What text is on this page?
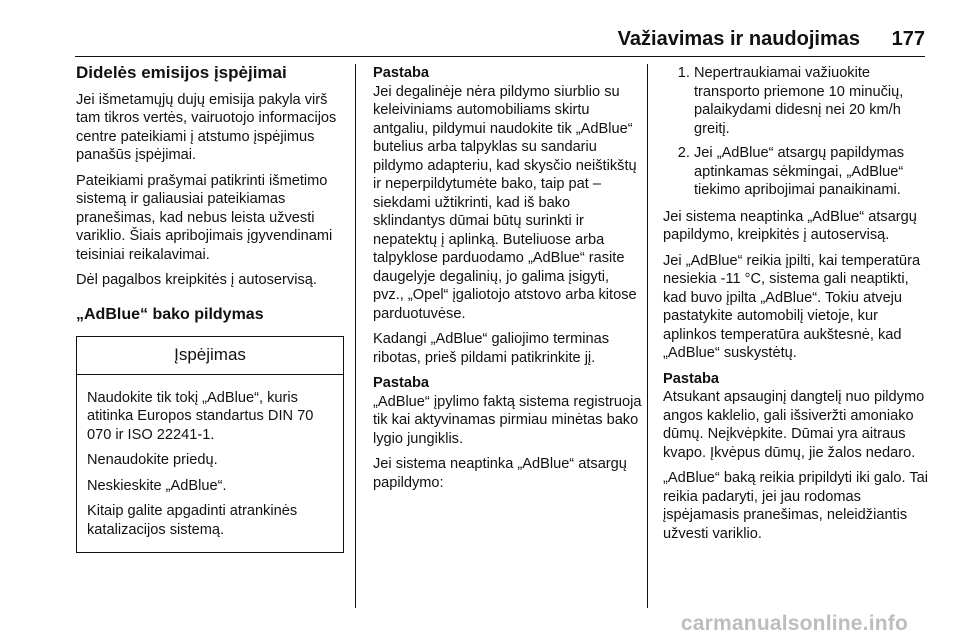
Važiavimas ir naudojimas 177
Didelės emisijos įspėjimai

Jei išmetamųjų dujų emisija pakyla virš tam tikros vertės, vairuotojo informacijos centre pateikiami į atstumo įspėjimus panašūs įspėjimai.

Pateikiami prašymai patikrinti išmetimo sistemą ir galiausiai pateikiamas pranešimas, kad nebus leista užvesti variklio. Šiais apribojimais įgyvendinami teisiniai reikalavimai.

Dėl pagalbos kreipkitės į autoservisą.

„AdBlue“ bako pildymas
Įspėjimas

Naudokite tik tokį „AdBlue“, kuris atitinka Europos standartus DIN 70 070 ir ISO 22241-1.

Nenaudokite priedų.

Neskieskite „AdBlue“.

Kitaip galite apgadinti atrankinės katalizacijos sistemą.

Pastaba
Jei degalinėje nėra pildymo siurblio su keleiviniams automobiliams skirtu antgaliu, pildymui naudokite tik „AdBlue“ butelius arba talpyklas su sandariu pildymo adapteriu, kad skysčio neištikštų ir neperpildytumėte bako, taip pat – siekdami užtikrinti, kad iš bako sklindantys dūmai būtų surinkti ir nepatektų į aplinką. Buteliuose arba talpyklose parduodamo „AdBlue“ rasite daugelyje degalinių, jo galima įsigyti, pvz., „Opel“ įgaliotojo atstovo arba kitose parduotuvėse.

Kadangi „AdBlue“ galiojimo terminas ribotas, prieš pildami patikrinkite jį.

Pastaba
„AdBlue“ įpylimo faktą sistema registruoja tik kai aktyvinamas pirmiau minėtas bako lygio jungiklis.

Jei sistema neaptinka „AdBlue“ atsargų papildymo:

1. Nepertraukiamai važiuokite transporto priemone 10 minučių, palaikydami didesnį nei 20 km/h greitį.
2. Jei „AdBlue“ atsargų papildymas aptinkamas sėkmingai, „AdBlue“ tiekimo apribojimai panaikinami.

Jei sistema neaptinka „AdBlue“ atsargų papildymo, kreipkitės į autoservisą.

Jei „AdBlue“ reikia įpilti, kai temperatūra nesiekia -11 °C, sistema gali neaptikti, kad buvo įpilta „AdBlue“. Tokiu atveju pastatykite automobilį vietoje, kur aplinkos temperatūra aukštesnė, kad „AdBlue“ suskystėtų.

Pastaba
Atsukant apsauginį dangtelį nuo pildymo angos kaklelio, gali išsiveržti amoniako dūmų. Neįkvėpkite. Dūmai yra aitraus kvapo. Įkvėpus dūmų, jie žalos nedaro.

„AdBlue“ baką reikia pripildyti iki galo. Tai reikia padaryti, jei jau rodomas įspėjamasis pranešimas, neleidžiantis užvesti variklio.

carmanualsonline.info
